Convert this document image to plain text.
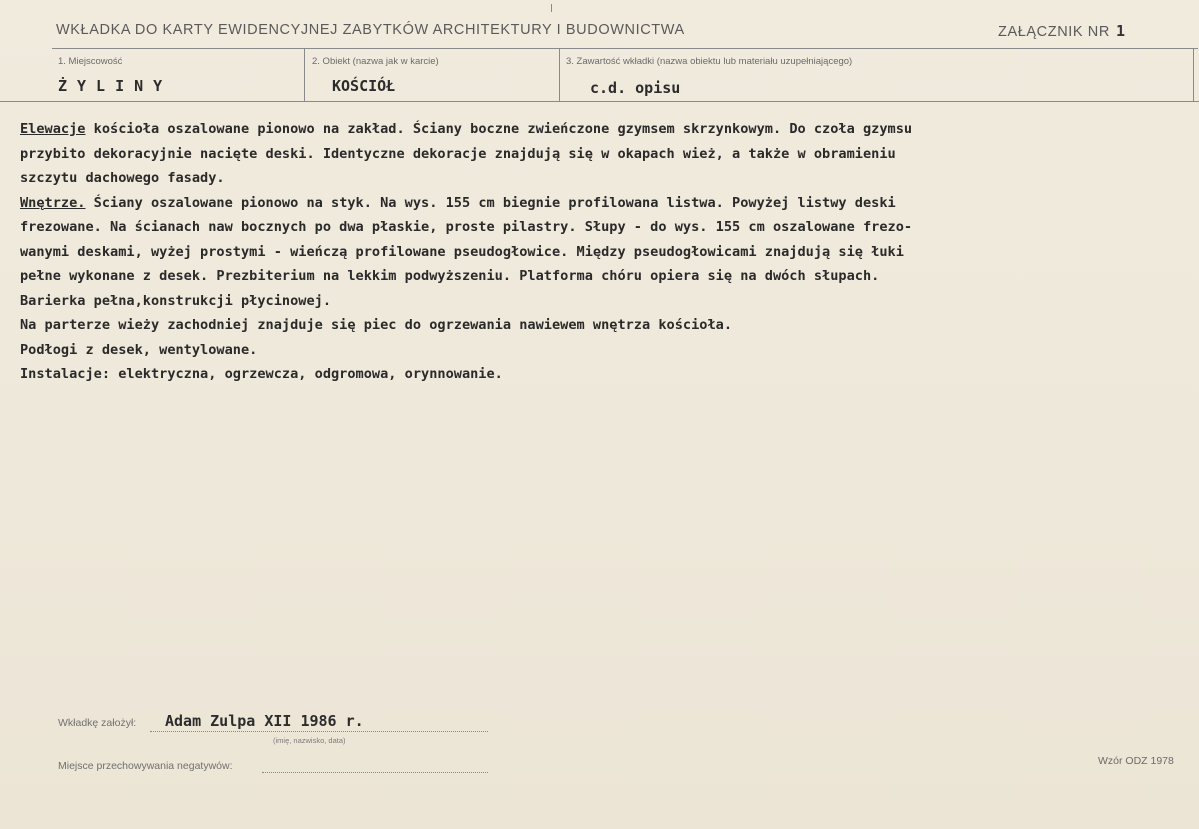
WKŁADKA DO KARTY EWIDENCYJNEJ ZABYTKÓW ARCHITEKTURY I BUDOWNICTWA	ZAŁĄCZNIK NR 1
1. Miejscowość
ŻYLINY
2. Obiekt (nazwa jak w karcie)
KOŚCIÓŁ
3. Zawartość wkładki (nazwa obiektu lub materiału uzupełniającego)
c.d. opisu

Elewacje kościoła oszalowane pionowo na zakład. Ściany boczne zwieńczone gzymsem skrzynkowym. Do czoła gzymsu

przybito dekoracyjnie nacięte deski. Identyczne dekoracje znajdują się w okapach wież, a także w obramieniu

szczytu dachowego fasady.

Wnętrze. Ściany oszalowane pionowo na styk. Na wys. 155 cm biegnie profilowana listwa. Powyżej listwy deski

frezowane. Na ścianach naw bocznych po dwa płaskie, proste pilastry. Słupy - do wys. 155 cm oszalowane frezo-

wanymi deskami, wyżej prostymi - wieńczą profilowane pseudogłowice. Między pseudogłowicami znajdują się łuki

pełne wykonane z desek. Prezbiterium na lekkim podwyższeniu. Platforma chóru opiera się na dwóch słupach.

Barierka pełna,konstrukcji płycinowej.

Na parterze wieży zachodniej znajduje się piec do ogrzewania nawiewem wnętrza kościoła.

Podłogi z desek, wentylowane.

Instalacje: elektryczna, ogrzewcza, odgromowa, orynnowanie.

Wkładkę założył: Adam Zulpa XII 1986 r.
(imię, nazwisko, data)
Miejsce przechowywania negatywów:	Wzór ODZ 1978
